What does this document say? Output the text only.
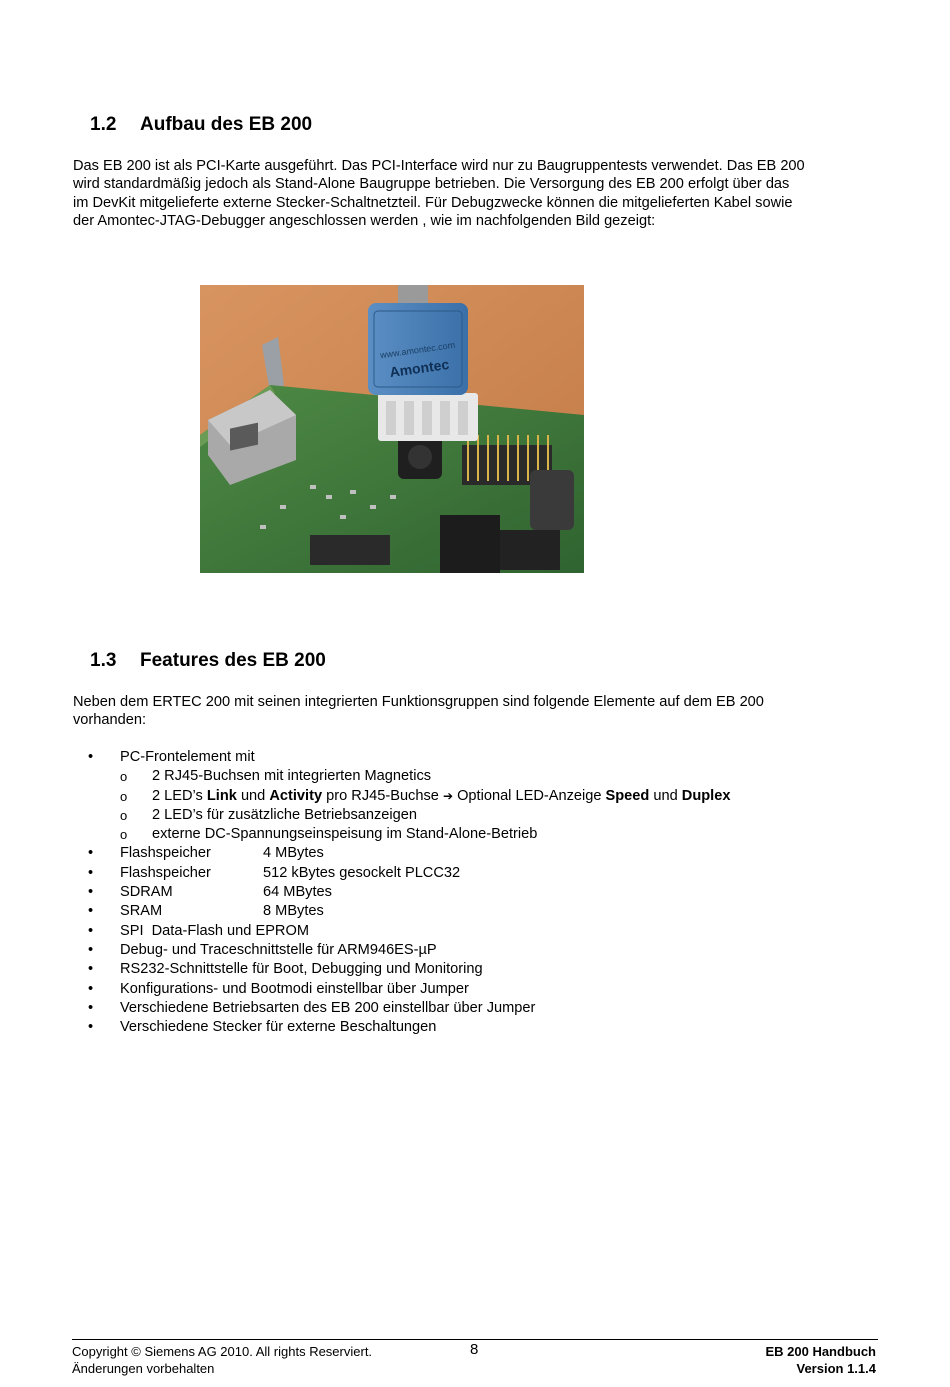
1.2 Aufbau des EB 200

Das EB 200 ist als PCI-Karte ausgeführt. Das PCI-Interface wird nur zu Baugruppentests verwendet. Das EB 200
wird standardmäßig jedoch als Stand-Alone Baugruppe betrieben. Die Versorgung des EB 200 erfolgt über das
im DevKit mitgelieferte externe Stecker-Schaltnetzteil. Für Debugzwecke können die mitgelieferten Kabel sowie
der Amontec-JTAG-Debugger angeschlossen werden , wie im nachfolgenden Bild gezeigt:

www.amontec.com
Amontec
1.3 Features des EB 200

Neben dem ERTEC 200 mit seinen integrierten Funktionsgruppen sind folgende Elemente auf dem EB 200
vorhanden:

• PC-Frontelement mit
o 2 RJ45-Buchsen mit integrierten Magnetics
o 2 LED’s Link und Activity pro RJ45-Buchse ➔ Optional LED-Anzeige Speed und Duplex
o 2 LED’s für zusätzliche Betriebsanzeigen
o externe DC-Spannungseinspeisung im Stand-Alone-Betrieb
• Flashspeicher	4 MBytes
• Flashspeicher	512 kBytes gesockelt PLCC32
• SDRAM	64 MBytes
• SRAM	8 MBytes
• SPI  Data-Flash und EPROM
• Debug- und Traceschnittstelle für ARM946ES-µP
• RS232-Schnittstelle für Boot, Debugging und Monitoring
• Konfigurations- und Bootmodi einstellbar über Jumper
• Verschiedene Betriebsarten des EB 200 einstellbar über Jumper
• Verschiedene Stecker für externe Beschaltungen

Copyright © Siemens AG 2010. All rights Reserviert.

Änderungen vorbehalten

8	EB 200 Handbuch

Version 1.1.4
